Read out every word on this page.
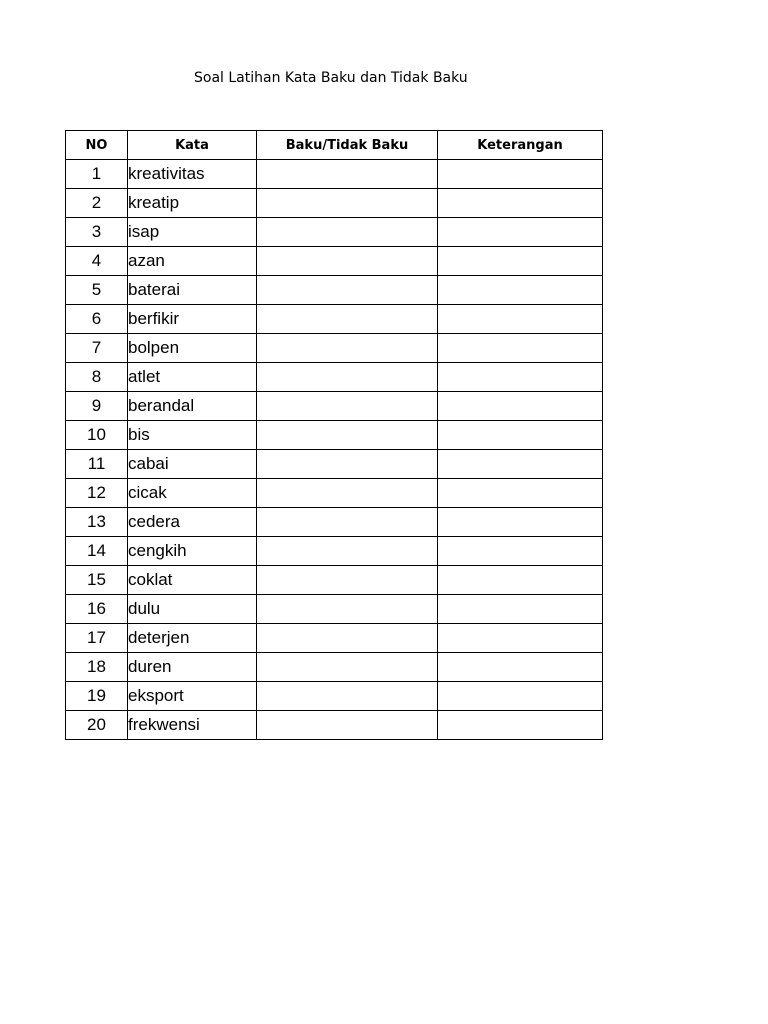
Soal Latihan Kata Baku dan Tidak Baku
NO	Kata	Baku/Tidak Baku	Keterangan
1	kreativitas		
2	kreatip		
3	isap		
4	azan		
5	baterai		
6	berfikir		
7	bolpen		
8	atlet		
9	berandal		
10	bis		
11	cabai		
12	cicak		
13	cedera		
14	cengkih		
15	coklat		
16	dulu		
17	deterjen		
18	duren		
19	eksport		
20	frekwensi		
